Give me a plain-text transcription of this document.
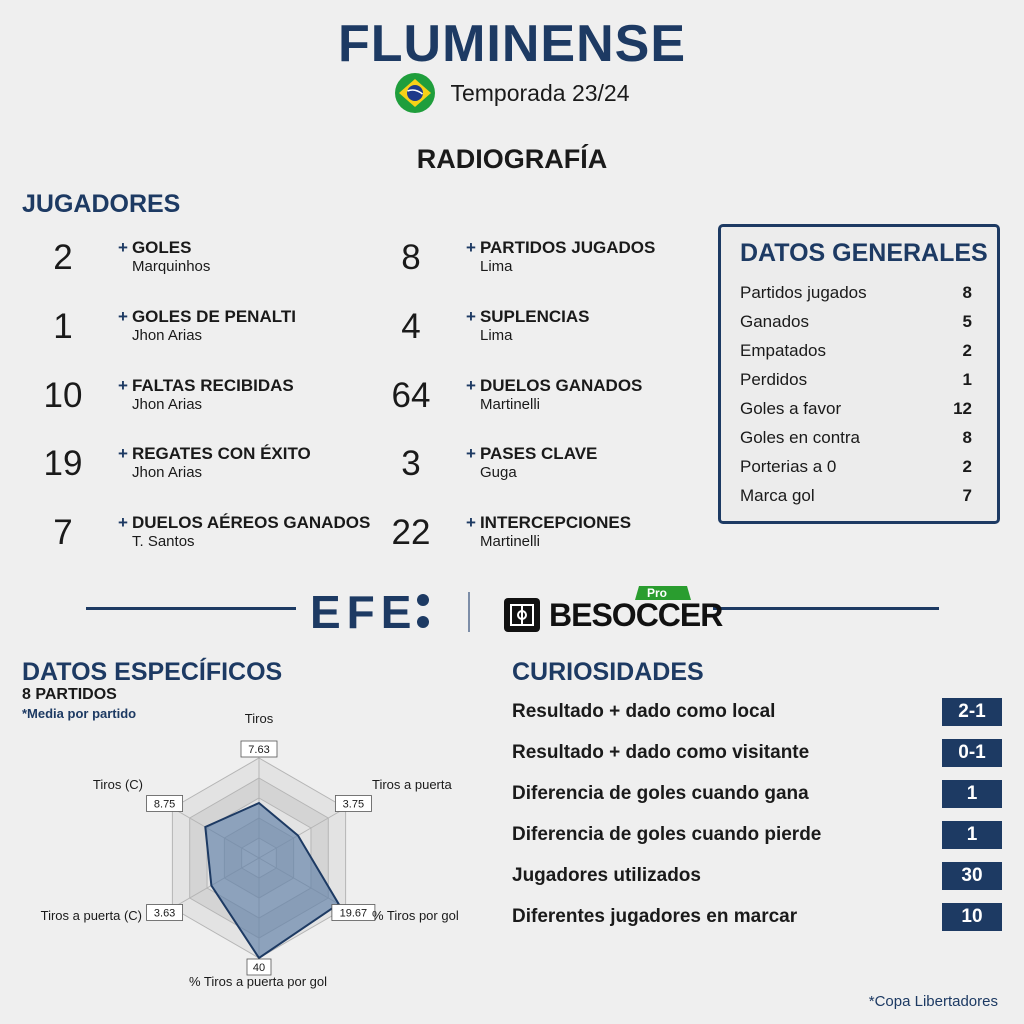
FLUMINENSE
Temporada 23/24
RADIOGRAFÍA
JUGADORES
2	+ GOLES
Marquinhos
1	+ GOLES DE PENALTI
Jhon Arias
10	+ FALTAS RECIBIDAS
Jhon Arias
19	+ REGATES CON ÉXITO
Jhon Arias
7	+ DUELOS AÉREOS GANADOS
T. Santos
8	+ PARTIDOS JUGADOS
Lima
4	+ SUPLENCIAS
Lima
64	+ DUELOS GANADOS
Martinelli
3	+ PASES CLAVE
Guga
22	+ INTERCEPCIONES
Martinelli
DATOS GENERALES
Partidos jugados	8
Ganados	5
Empatados	2
Perdidos	1
Goles a favor	12
Goles en contra	8
Porterias a 0	2
Marca gol	7
EFE	BESOCCER
Pro
DATOS ESPECÍFICOS
8 PARTIDOS
*Media por partido
7.63
Tiros
3.75
Tiros a puerta
19.67 % Tiros por gol
40
% Tiros a puerta por gol
3.63
Tiros a puerta (C)
8.75
Tiros (C)
CURIOSIDADES
Resultado + dado como local	2-1
Resultado + dado como visitante	0-1
Diferencia de goles cuando gana	1
Diferencia de goles cuando pierde	1
Jugadores utilizados	30
Diferentes jugadores en marcar	10
*Copa Libertadores
